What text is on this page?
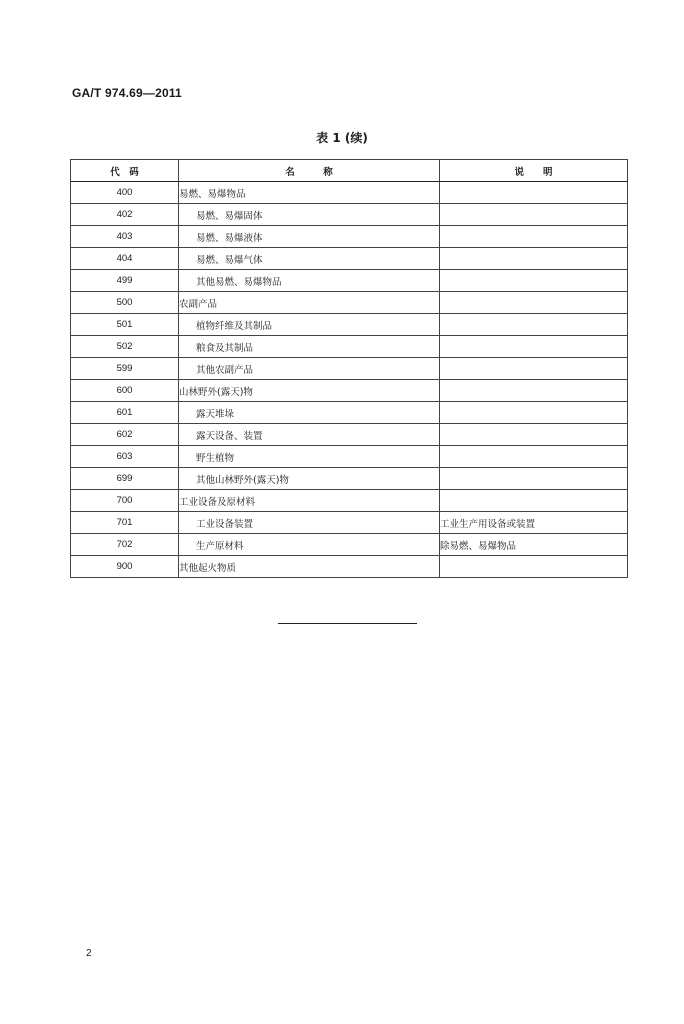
GA/T 974.69—2011
表 1 (续)
代　码	名　　　称	说　　明
400	易燃、易爆物品	
402	易燃、易爆固体	
403	易燃、易爆液体	
404	易燃、易爆气体	
499	其他易燃、易爆物品	
500	农副产品	
501	植物纤维及其制品	
502	粮食及其制品	
599	其他农副产品	
600	山林野外(露天)物	
601	露天堆垛	
602	露天设备、装置	
603	野生植物	
699	其他山林野外(露天)物	
700	工业设备及原材料	
701	工业设备装置	工业生产用设备或装置
702	生产原材料	除易燃、易爆物品
900	其他起火物质	
2
